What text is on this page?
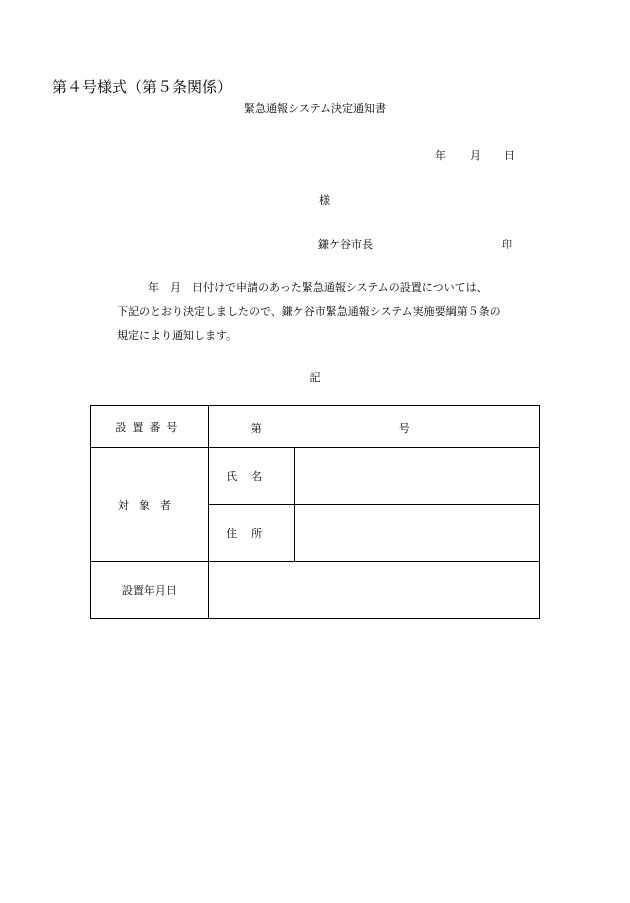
第４号様式（第５条関係）
緊急通報システム決定通知書
年 月 日
様
鎌ケ谷市長	印
年　月　日付けで申請のあった緊急通報システムの設置については、
下記のとおり決定しましたので、鎌ケ谷市緊急通報システム実施要綱第５条の
規定により通知します。
記
設置番号	第 号	

対象者	氏名	
	住所	
設置年月日		
